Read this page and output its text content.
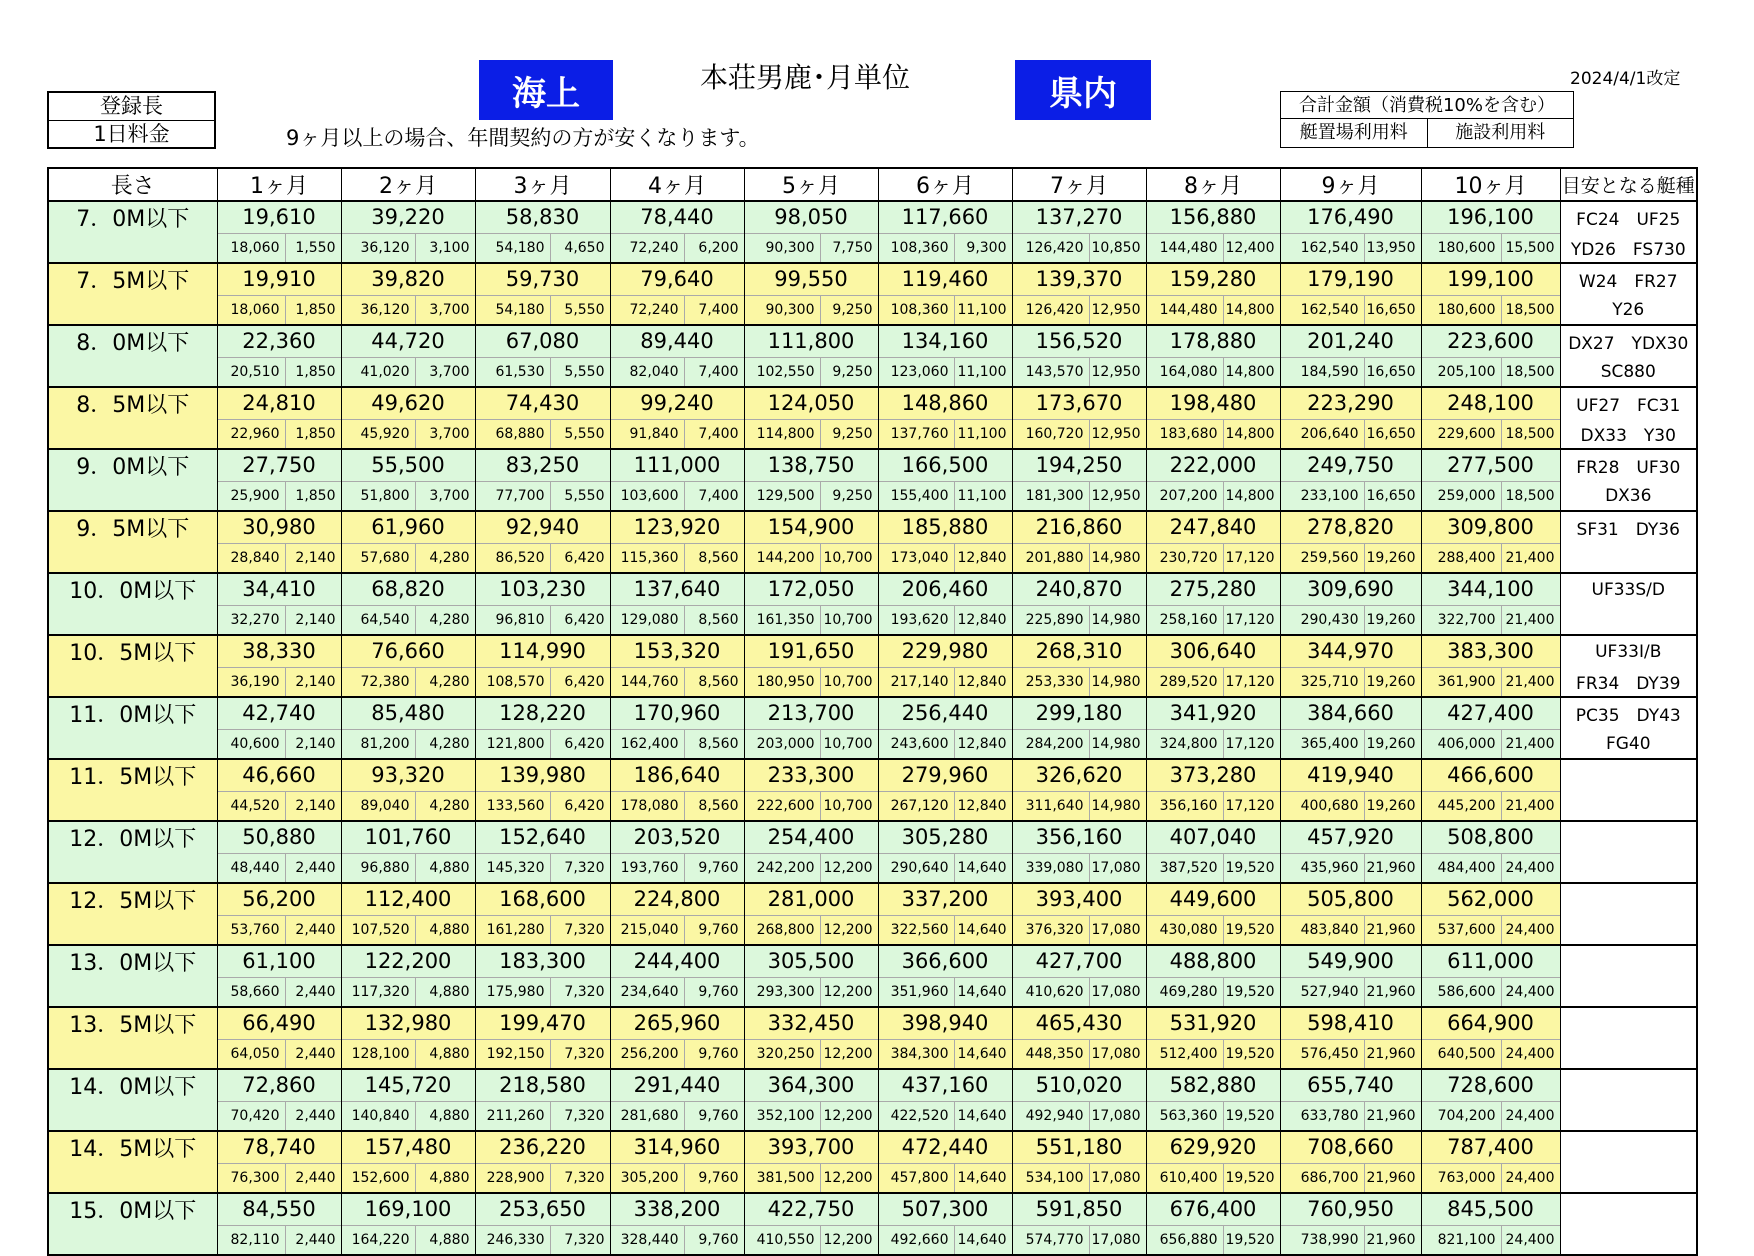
登録長
1日料金
海上	本荘男鹿･月単位	県内	2024/4/1改定
9ヶ月以上の場合、年間契約の方が安くなります。
合計金額（消費税10%を含む）
艇置場利用料	施設利用料
長さ	1ヶ月		2ヶ月		3ヶ月		4ヶ月		5ヶ月		6ヶ月		7ヶ月		8ヶ月		9ヶ月		10ヶ月		目安となる艇種
7．0M以下	19,610		39,220		58,830		78,440		98,050		117,660		137,270		156,880		176,490		196,100		FC24　UF25
	18,060	1,550	36,120	3,100	54,180	4,650	72,240	6,200	90,300	7,750	108,360	9,300	126,420	10,850	144,480	12,400	162,540	13,950	180,600	15,500	YD26　FS730
7．5M以下	19,910		39,820		59,730		79,640		99,550		119,460		139,370		159,280		179,190		199,100		W24　FR27
	18,060	1,850	36,120	3,700	54,180	5,550	72,240	7,400	90,300	9,250	108,360	11,100	126,420	12,950	144,480	14,800	162,540	16,650	180,600	18,500	Y26
8．0M以下	22,360		44,720		67,080		89,440		111,800		134,160		156,520		178,880		201,240		223,600		DX27　YDX30
	20,510	1,850	41,020	3,700	61,530	5,550	82,040	7,400	102,550	9,250	123,060	11,100	143,570	12,950	164,080	14,800	184,590	16,650	205,100	18,500	SC880
8．5M以下	24,810		49,620		74,430		99,240		124,050		148,860		173,670		198,480		223,290		248,100		UF27　FC31
	22,960	1,850	45,920	3,700	68,880	5,550	91,840	7,400	114,800	9,250	137,760	11,100	160,720	12,950	183,680	14,800	206,640	16,650	229,600	18,500	DX33　Y30
9．0M以下	27,750		55,500		83,250		111,000		138,750		166,500		194,250		222,000		249,750		277,500		FR28　UF30
	25,900	1,850	51,800	3,700	77,700	5,550	103,600	7,400	129,500	9,250	155,400	11,100	181,300	12,950	207,200	14,800	233,100	16,650	259,000	18,500	DX36
9．5M以下	30,980		61,960		92,940		123,920		154,900		185,880		216,860		247,840		278,820		309,800		SF31　DY36
	28,840	2,140	57,680	4,280	86,520	6,420	115,360	8,560	144,200	10,700	173,040	12,840	201,880	14,980	230,720	17,120	259,560	19,260	288,400	21,400	
10．0M以下	34,410		68,820		103,230		137,640		172,050		206,460		240,870		275,280		309,690		344,100		UF33S/D
	32,270	2,140	64,540	4,280	96,810	6,420	129,080	8,560	161,350	10,700	193,620	12,840	225,890	14,980	258,160	17,120	290,430	19,260	322,700	21,400	
10．5M以下	38,330		76,660		114,990		153,320		191,650		229,980		268,310		306,640		344,970		383,300		UF33I/B
	36,190	2,140	72,380	4,280	108,570	6,420	144,760	8,560	180,950	10,700	217,140	12,840	253,330	14,980	289,520	17,120	325,710	19,260	361,900	21,400	FR34　DY39
11．0M以下	42,740		85,480		128,220		170,960		213,700		256,440		299,180		341,920		384,660		427,400		PC35　DY43
	40,600	2,140	81,200	4,280	121,800	6,420	162,400	8,560	203,000	10,700	243,600	12,840	284,200	14,980	324,800	17,120	365,400	19,260	406,000	21,400	FG40
11．5M以下	46,660		93,320		139,980		186,640		233,300		279,960		326,620		373,280		419,940		466,600		
	44,520	2,140	89,040	4,280	133,560	6,420	178,080	8,560	222,600	10,700	267,120	12,840	311,640	14,980	356,160	17,120	400,680	19,260	445,200	21,400	
12．0M以下	50,880		101,760		152,640		203,520		254,400		305,280		356,160		407,040		457,920		508,800		
	48,440	2,440	96,880	4,880	145,320	7,320	193,760	9,760	242,200	12,200	290,640	14,640	339,080	17,080	387,520	19,520	435,960	21,960	484,400	24,400	
12．5M以下	56,200		112,400		168,600		224,800		281,000		337,200		393,400		449,600		505,800		562,000		
	53,760	2,440	107,520	4,880	161,280	7,320	215,040	9,760	268,800	12,200	322,560	14,640	376,320	17,080	430,080	19,520	483,840	21,960	537,600	24,400	
13．0M以下	61,100		122,200		183,300		244,400		305,500		366,600		427,700		488,800		549,900		611,000		
	58,660	2,440	117,320	4,880	175,980	7,320	234,640	9,760	293,300	12,200	351,960	14,640	410,620	17,080	469,280	19,520	527,940	21,960	586,600	24,400	
13．5M以下	66,490		132,980		199,470		265,960		332,450		398,940		465,430		531,920		598,410		664,900		
	64,050	2,440	128,100	4,880	192,150	7,320	256,200	9,760	320,250	12,200	384,300	14,640	448,350	17,080	512,400	19,520	576,450	21,960	640,500	24,400	
14．0M以下	72,860		145,720		218,580		291,440		364,300		437,160		510,020		582,880		655,740		728,600		
	70,420	2,440	140,840	4,880	211,260	7,320	281,680	9,760	352,100	12,200	422,520	14,640	492,940	17,080	563,360	19,520	633,780	21,960	704,200	24,400	
14．5M以下	78,740		157,480		236,220		314,960		393,700		472,440		551,180		629,920		708,660		787,400		
	76,300	2,440	152,600	4,880	228,900	7,320	305,200	9,760	381,500	12,200	457,800	14,640	534,100	17,080	610,400	19,520	686,700	21,960	763,000	24,400	
15．0M以下	84,550		169,100		253,650		338,200		422,750		507,300		591,850		676,400		760,950		845,500		
	82,110	2,440	164,220	4,880	246,330	7,320	328,440	9,760	410,550	12,200	492,660	14,640	574,770	17,080	656,880	19,520	738,990	21,960	821,100	24,400	
